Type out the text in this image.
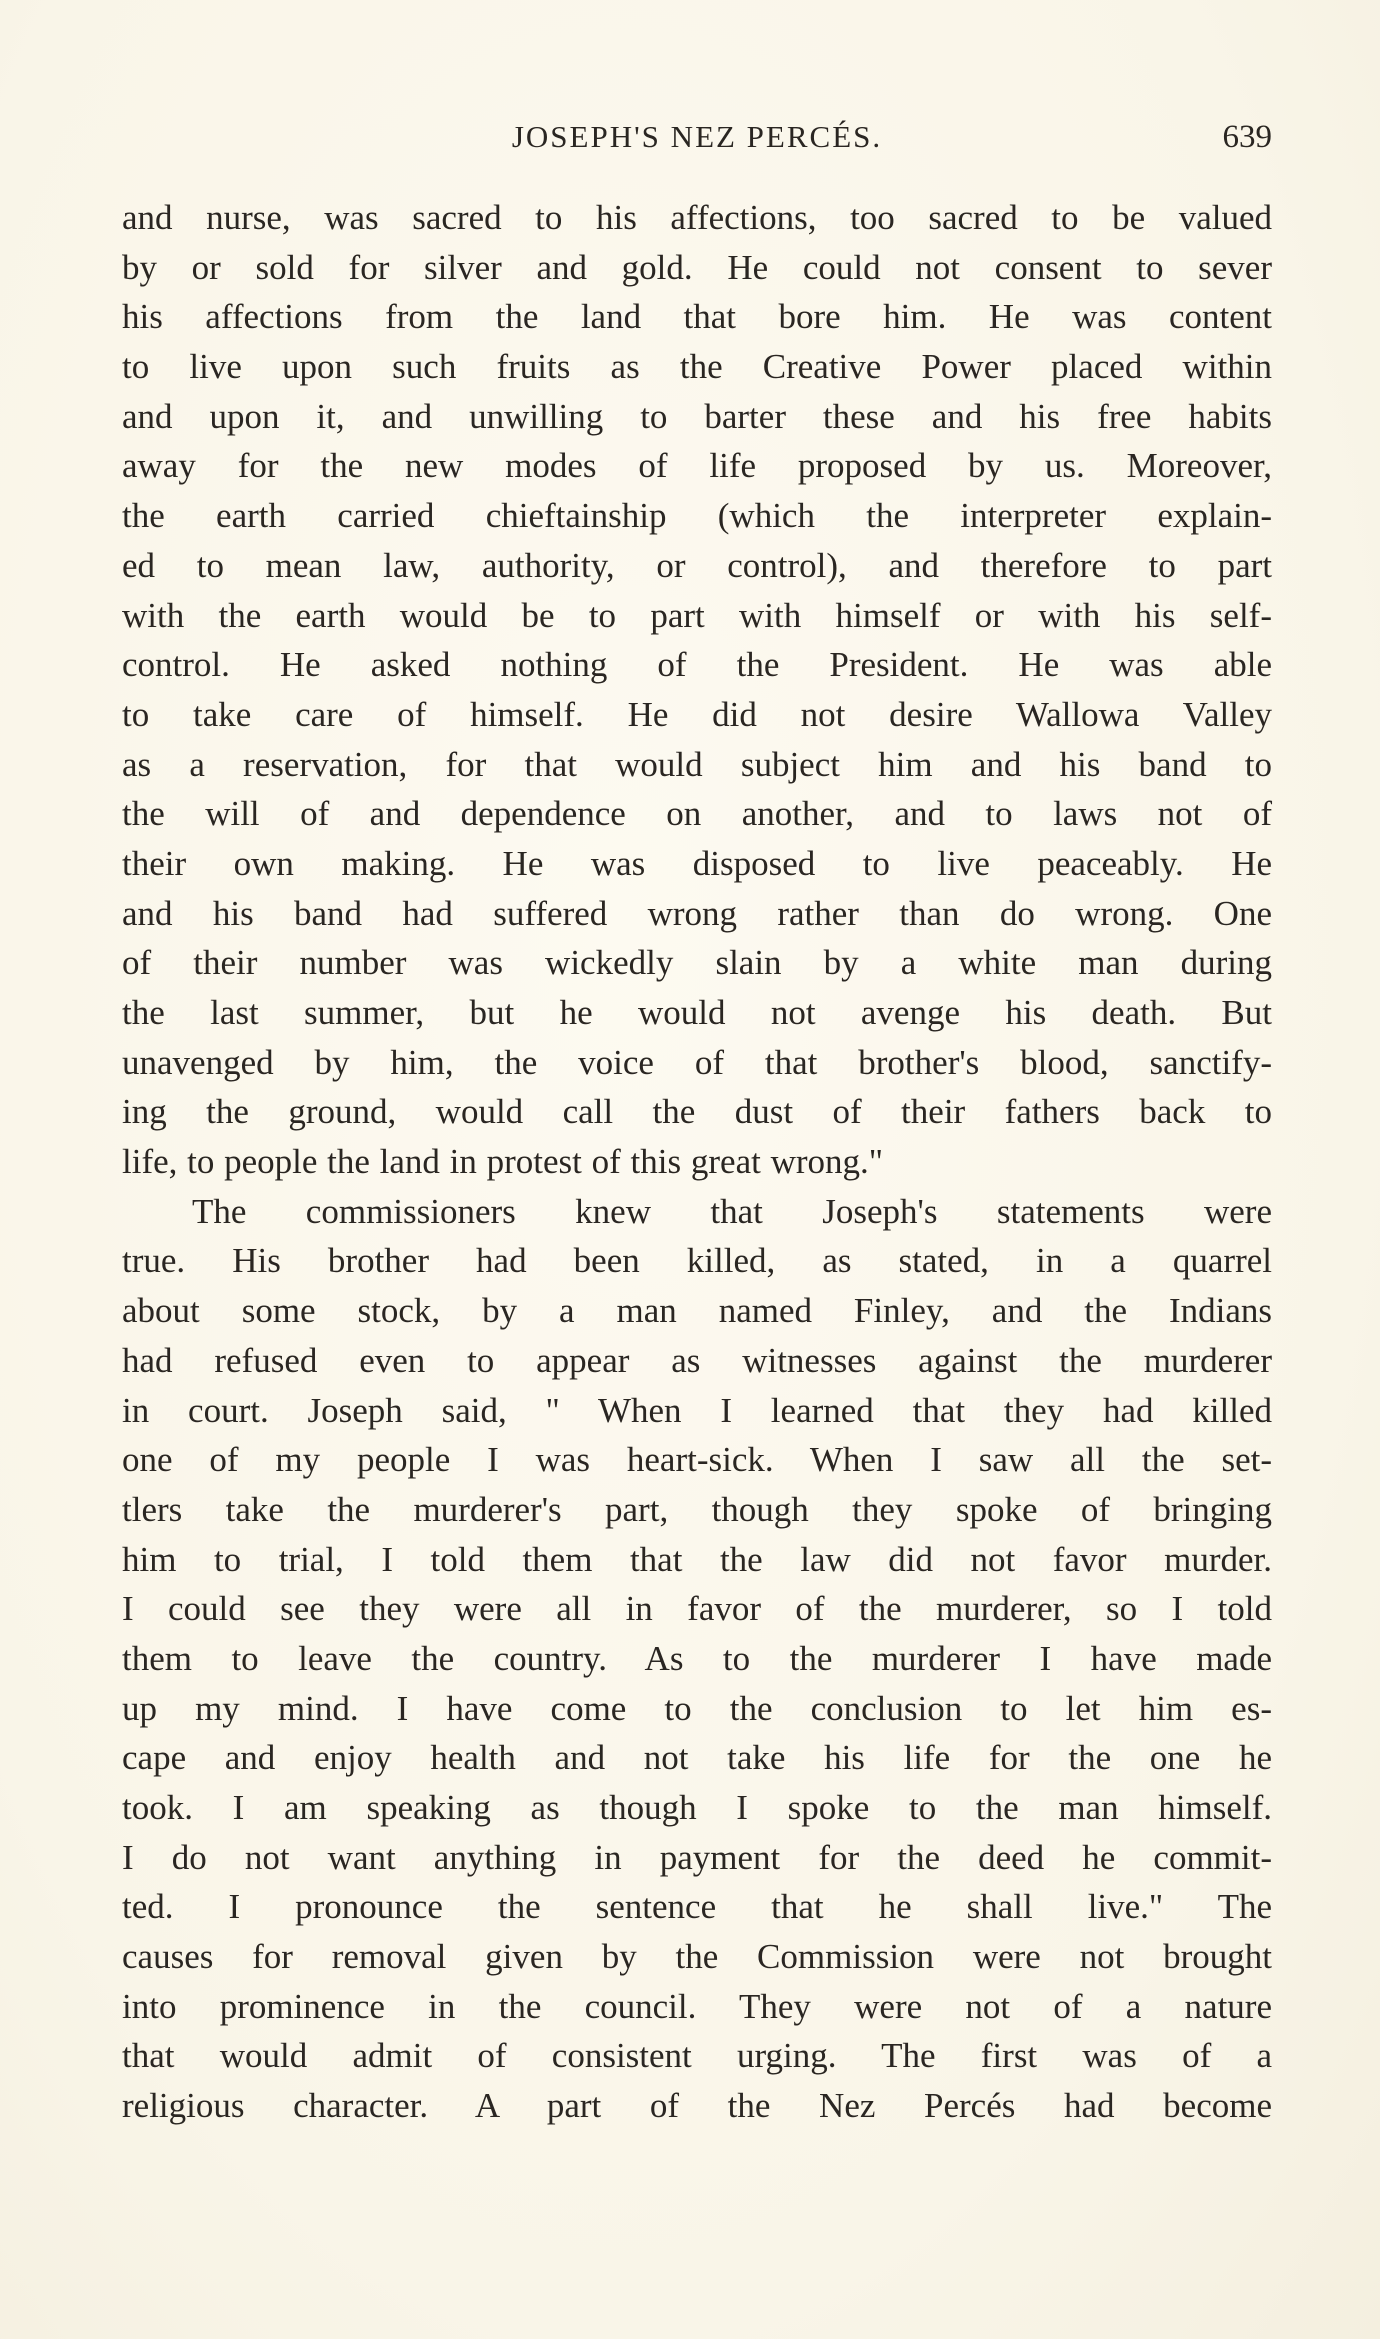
JOSEPH'S NEZ PERCÉS.	639
and nurse, was sacred to his affections, too sacred to be valued
by or sold for silver and gold. He could not consent to sever
his affections from the land that bore him. He was content
to live upon such fruits as the Creative Power placed within
and upon it, and unwilling to barter these and his free habits
away for the new modes of life proposed by us. Moreover,
the earth carried chieftainship (which the interpreter explain-
ed to mean law, authority, or control), and therefore to part
with the earth would be to part with himself or with his self-
control. He asked nothing of the President. He was able
to take care of himself. He did not desire Wallowa Valley
as a reservation, for that would subject him and his band to
the will of and dependence on another, and to laws not of
their own making. He was disposed to live peaceably. He
and his band had suffered wrong rather than do wrong. One
of their number was wickedly slain by a white man during
the last summer, but he would not avenge his death. But
unavenged by him, the voice of that brother's blood, sanctify-
ing the ground, would call the dust of their fathers back to
life, to people the land in protest of this great wrong."
The commissioners knew that Joseph's statements were
true. His brother had been killed, as stated, in a quarrel
about some stock, by a man named Finley, and the Indians
had refused even to appear as witnesses against the murderer
in court. Joseph said, " When I learned that they had killed
one of my people I was heart-sick. When I saw all the set-
tlers take the murderer's part, though they spoke of bringing
him to trial, I told them that the law did not favor murder.
I could see they were all in favor of the murderer, so I told
them to leave the country. As to the murderer I have made
up my mind. I have come to the conclusion to let him es-
cape and enjoy health and not take his life for the one he
took. I am speaking as though I spoke to the man himself.
I do not want anything in payment for the deed he commit-
ted. I pronounce the sentence that he shall live." The
causes for removal given by the Commission were not brought
into prominence in the council. They were not of a nature
that would admit of consistent urging. The first was of a
religious character. A part of the Nez Percés had become
